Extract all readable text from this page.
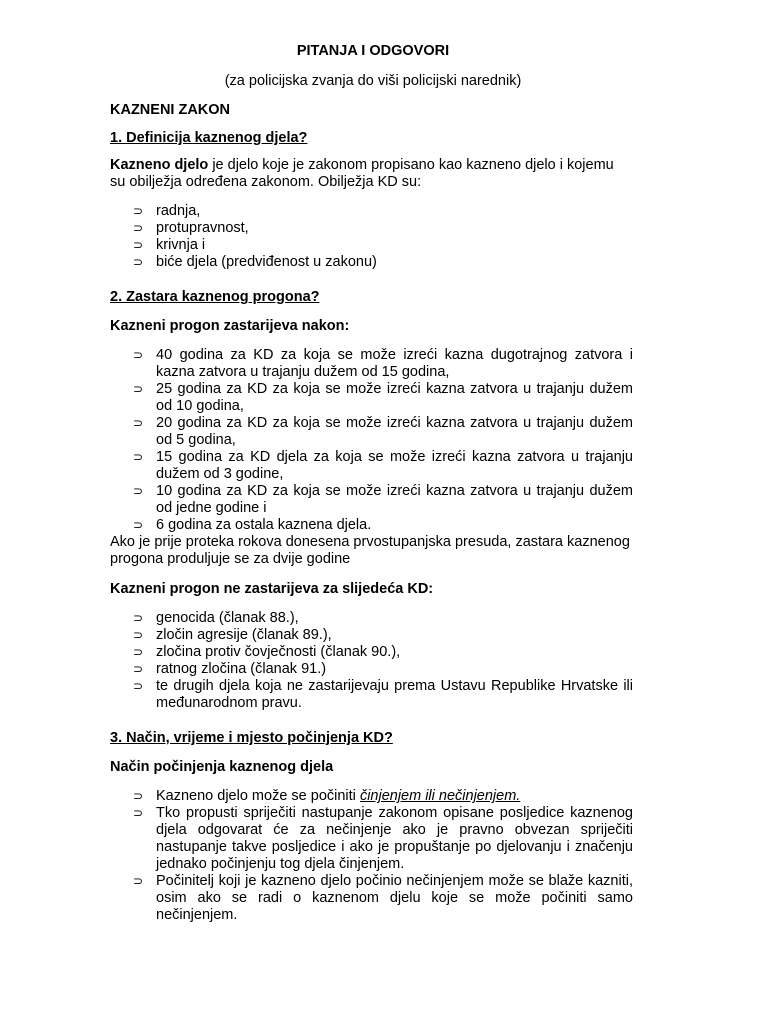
PITANJA I ODGOVORI
(za policijska zvanja do viši policijski narednik)

KAZNENI ZAKON

1. Definicija kaznenog djela?

Kazneno djelo je djelo koje je zakonom propisano kao kazneno djelo i kojemu su obilježja određena zakonom. Obilježja KD su:

⊃ radnja,
⊃ protupravnost,
⊃ krivnja i
⊃ biće djela (predviđenost u zakonu)

2. Zastara kaznenog progona?

Kazneni progon zastarijeva nakon:

⊃ 40 godina za KD za koja se može izreći kazna dugotrajnog zatvora i kazna zatvora u trajanju dužem od 15 godina,
⊃ 25 godina za KD za koja se može izreći kazna zatvora u trajanju dužem od 10 godina,
⊃ 20 godina za KD za koja se može izreći kazna zatvora u trajanju dužem od 5 godina,
⊃ 15 godina za KD djela za koja se može izreći kazna zatvora u trajanju dužem od 3 godine,
⊃ 10 godina za KD za koja se može izreći kazna zatvora u trajanju dužem od jedne godine i
⊃ 6 godina za ostala kaznena djela.

Ako je prije proteka rokova donesena prvostupanjska presuda, zastara kaznenog progona produljuje se za dvije godine

Kazneni progon ne zastarijeva za slijedeća KD:

⊃ genocida (članak 88.),
⊃ zločin agresije (članak 89.),
⊃ zločina protiv čovječnosti (članak 90.),
⊃ ratnog zločina (članak 91.)
⊃ te drugih djela koja ne zastarijevaju prema Ustavu Republike Hrvatske ili međunarodnom pravu.

3. Način, vrijeme i mjesto počinjenja KD?

Način počinjenja kaznenog djela

⊃ Kazneno djelo može se počiniti činjenjem ili nečinjenjem.
⊃ Tko propusti spriječiti nastupanje zakonom opisane posljedice kaznenog djela odgovarat će za nečinjenje ako je pravno obvezan spriječiti nastupanje takve posljedice i ako je propuštanje po djelovanju i značenju jednako počinjenju tog djela činjenjem.
⊃ Počinitelj koji je kazneno djelo počinio nečinjenjem može se blaže kazniti, osim ako se radi o kaznenom djelu koje se može počiniti samo nečinjenjem.
